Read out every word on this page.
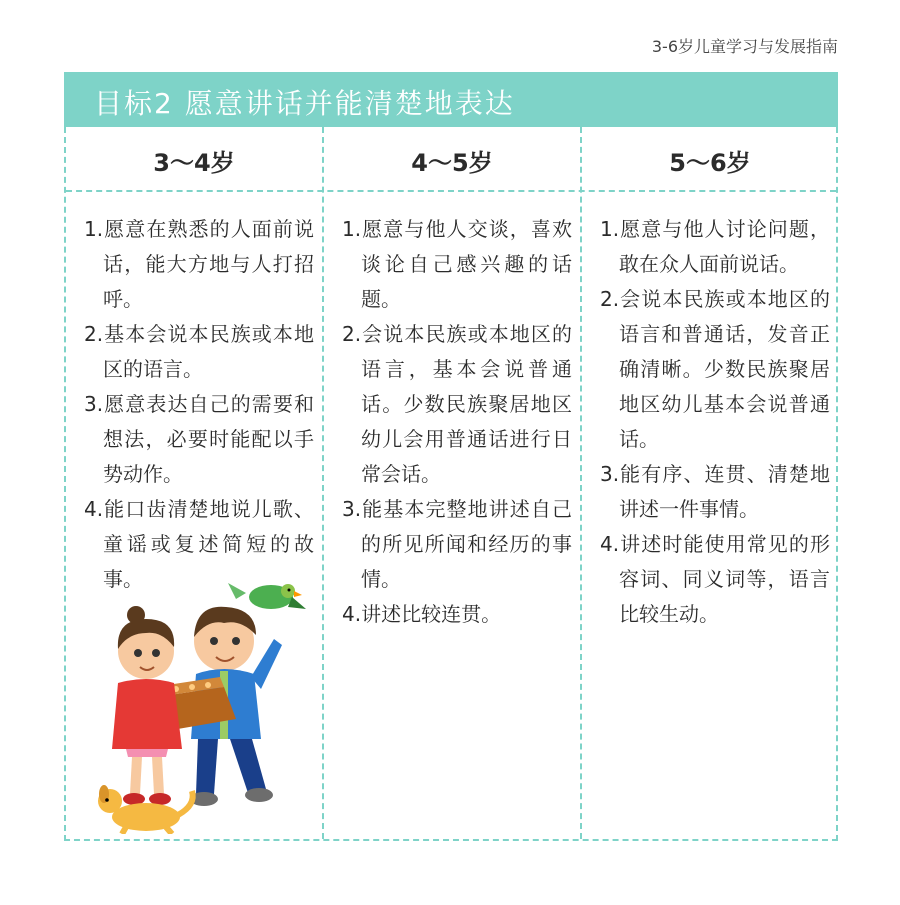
3-6岁儿童学习与发展指南
目标2 愿意讲话并能清楚地表达
3～4岁	4～5岁	5～6岁

1.愿意在熟悉的人面前说话，能大方地与人打招呼。

2.基本会说本民族或本地区的语言。

3.愿意表达自己的需要和想法，必要时能配以手势动作。

4.能口齿清楚地说儿歌、童谣或复述简短的故事。

1.愿意与他人交谈，喜欢谈论自己感兴趣的话题。

2.会说本民族或本地区的语言，基本会说普通话。少数民族聚居地区幼儿会用普通话进行日常会话。

3.能基本完整地讲述自己的所见所闻和经历的事情。

4.讲述比较连贯。

1.愿意与他人讨论问题，敢在众人面前说话。

2.会说本民族或本地区的语言和普通话，发音正确清晰。少数民族聚居地区幼儿基本会说普通话。

3.能有序、连贯、清楚地讲述一件事情。

4.讲述时能使用常见的形容词、同义词等，语言比较生动。
